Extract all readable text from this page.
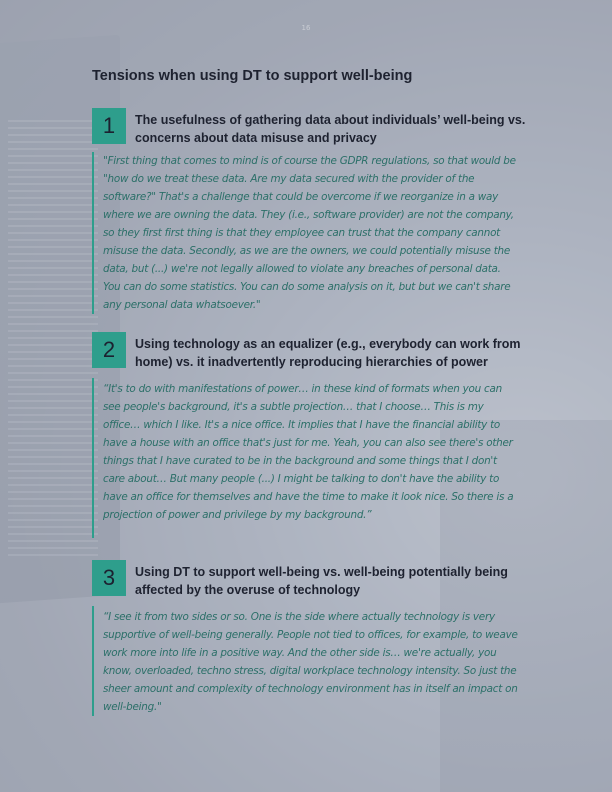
16
Tensions when using DT to support well-being
1	The usefulness of gathering data about individuals’ well-being vs. concerns about data misuse and privacy

"First thing that comes to mind is of course the GDPR regulations, so that would be "how do we treat these data. Are my data secured with the provider of the software?" That's a challenge that could be overcome if we reorganize in a way where we are owning the data. They (i.e., software provider) are not the company, so they first first thing is that they employee can trust that the company cannot misuse the data. Secondly, as we are the owners, we could potentially misuse the data, but (...) we're not legally allowed to violate any breaches of personal data. You can do some statistics. You can do some analysis on it, but but we can't share any personal data whatsoever."

2	Using technology as an equalizer (e.g., everybody can work from home) vs. it inadvertently reproducing hierarchies of power

“It's to do with manifestations of power… in these kind of formats when you can see people's background, it's a subtle projection… that I choose… This is my office… which I like. It's a nice office. It implies that I have the financial ability to have a house with an office that's just for me. Yeah, you can also see there's other things that I have curated to be in the background and some things that I don't care about… But many people (...) I might be talking to don't have the ability to have an office for themselves and have the time to make it look nice. So there is a projection of power and privilege by my background.”

3	Using DT to support well-being vs. well-being potentially being affected by the overuse of technology

“I see it from two sides or so. One is the side where actually technology is very supportive of well-being generally. People not tied to offices, for example, to weave work more into life in a positive way. And the other side is… we're actually, you know, overloaded, techno stress, digital workplace technology intensity. So just the sheer amount and complexity of technology environment has in itself an impact on well-being."
